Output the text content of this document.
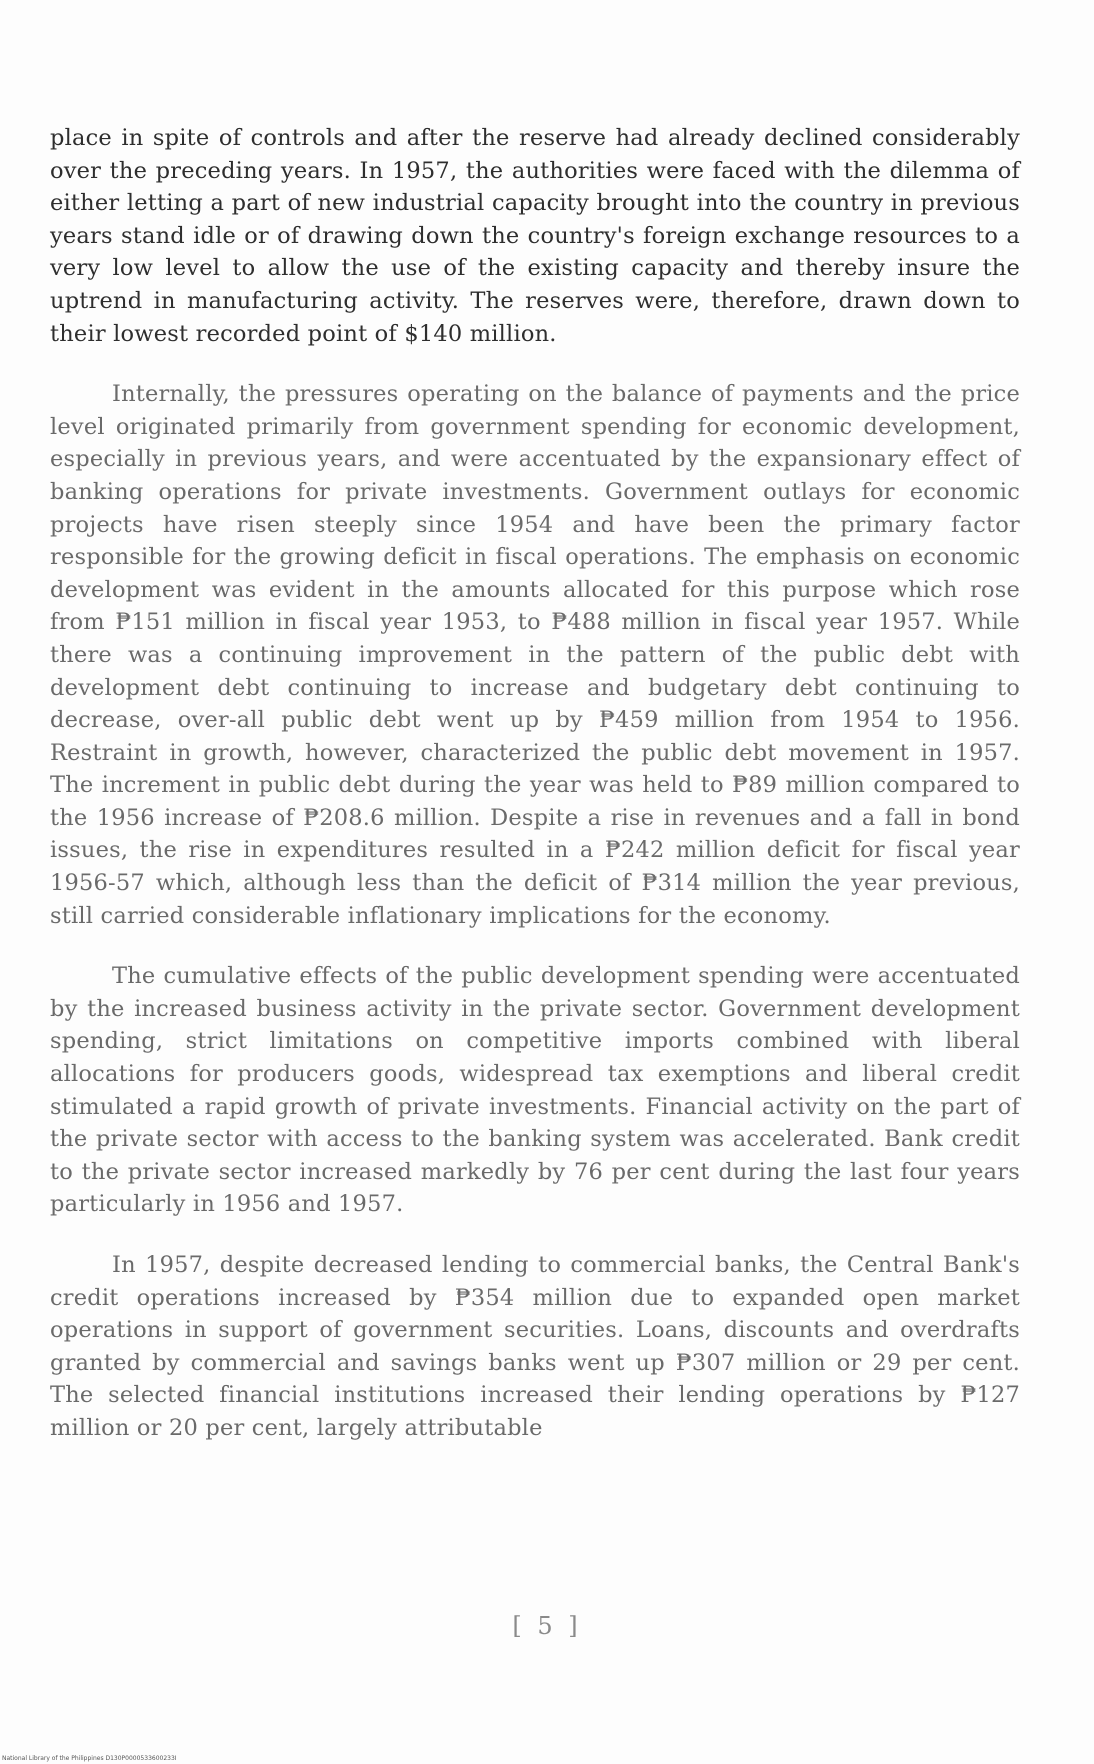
place in spite of controls and after the reserve had already declined considerably over the preceding years. In 1957, the authorities were faced with the dilemma of either letting a part of new industrial capacity brought into the country in previous years stand idle or of drawing down the country's foreign exchange resources to a very low level to allow the use of the existing capacity and thereby insure the uptrend in manufacturing activity. The reserves were, therefore, drawn down to their lowest recorded point of $140 million.

Internally, the pressures operating on the balance of payments and the price level originated primarily from government spending for economic development, especially in previous years, and were accentuated by the expansionary effect of banking operations for private investments. Government outlays for economic projects have risen steeply since 1954 and have been the primary factor responsible for the growing deficit in fiscal operations. The emphasis on economic development was evident in the amounts allocated for this purpose which rose from ₱151 million in fiscal year 1953, to ₱488 million in fiscal year 1957. While there was a continuing improvement in the pattern of the public debt with development debt continuing to increase and budgetary debt continuing to decrease, over-all public debt went up by ₱459 million from 1954 to 1956. Restraint in growth, however, characterized the public debt movement in 1957. The increment in public debt during the year was held to ₱89 million compared to the 1956 increase of ₱208.6 million. Despite a rise in revenues and a fall in bond issues, the rise in expenditures resulted in a ₱242 million deficit for fiscal year 1956-57 which, although less than the deficit of ₱314 million the year previous, still carried considerable inflationary implications for the economy.

The cumulative effects of the public development spending were accentuated by the increased business activity in the private sector. Government development spending, strict limitations on competitive imports combined with liberal allocations for producers goods, widespread tax exemptions and liberal credit stimulated a rapid growth of private investments. Financial activity on the part of the private sector with access to the banking system was accelerated. Bank credit to the private sector increased markedly by 76 per cent during the last four years particularly in 1956 and 1957.

In 1957, despite decreased lending to commercial banks, the Central Bank's credit operations increased by ₱354 million due to expanded open market operations in support of government securities. Loans, discounts and overdrafts granted by commercial and savings banks went up ₱307 million or 29 per cent. The selected financial institutions increased their lending operations by ₱127 million or 20 per cent, largely attributable

[ 5 ]
National Library of the Philippines D130P0000533600233I
